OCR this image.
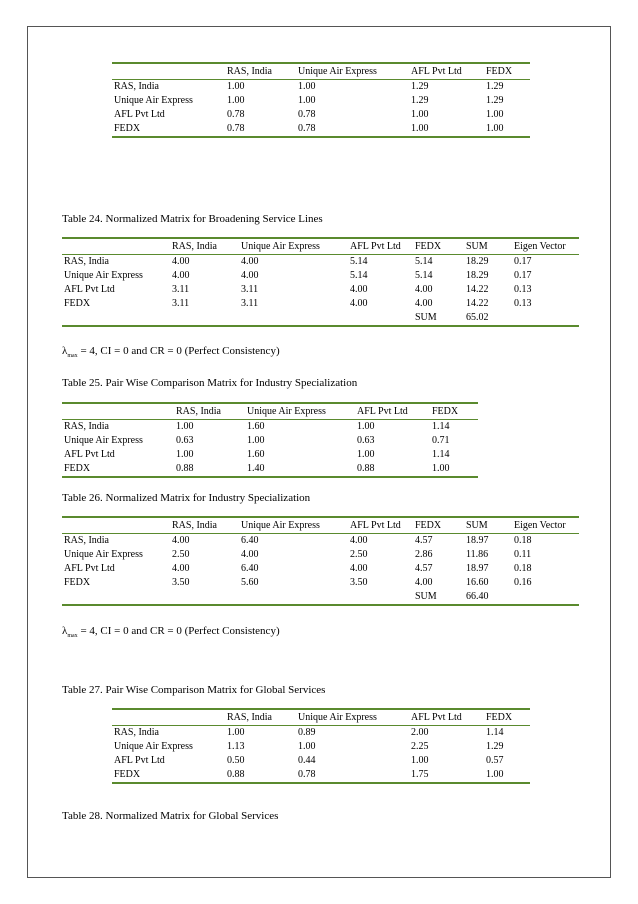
	RAS, India	Unique Air Express	AFL Pvt Ltd	FEDX
RAS, India	1.00	1.00	1.29	1.29
Unique Air Express	1.00	1.00	1.29	1.29
AFL Pvt Ltd	0.78	0.78	1.00	1.00
FEDX	0.78	0.78	1.00	1.00
Table 24. Normalized Matrix for Broadening Service Lines
	RAS, India	Unique Air Express	AFL Pvt Ltd	FEDX	SUM	Eigen Vector
RAS, India	4.00	4.00	5.14	5.14	18.29	0.17
Unique Air Express	4.00	4.00	5.14	5.14	18.29	0.17
AFL Pvt Ltd	3.11	3.11	4.00	4.00	14.22	0.13
FEDX	3.11	3.11	4.00	4.00	14.22	0.13
				SUM	65.02	
$\lambda_{max} = 4$, CI = 0 and CR = 0 (Perfect Consistency)
Table 25. Pair Wise Comparison Matrix for Industry Specialization
	RAS, India	Unique Air Express	AFL Pvt Ltd	FEDX
RAS, India	1.00	1.60	1.00	1.14
Unique Air Express	0.63	1.00	0.63	0.71
AFL Pvt Ltd	1.00	1.60	1.00	1.14
FEDX	0.88	1.40	0.88	1.00
Table 26. Normalized Matrix for Industry Specialization
	RAS, India	Unique Air Express	AFL Pvt Ltd	FEDX	SUM	Eigen Vector
RAS, India	4.00	6.40	4.00	4.57	18.97	0.18
Unique Air Express	2.50	4.00	2.50	2.86	11.86	0.11
AFL Pvt Ltd	4.00	6.40	4.00	4.57	18.97	0.18
FEDX	3.50	5.60	3.50	4.00	16.60	0.16
				SUM	66.40	
$\lambda_{max} = 4$, CI = 0 and CR = 0 (Perfect Consistency)
Table 27. Pair Wise Comparison Matrix for Global Services
	RAS, India	Unique Air Express	AFL Pvt Ltd	FEDX
RAS, India	1.00	0.89	2.00	1.14
Unique Air Express	1.13	1.00	2.25	1.29
AFL Pvt Ltd	0.50	0.44	1.00	0.57
FEDX	0.88	0.78	1.75	1.00
Table 28. Normalized Matrix for Global Services
